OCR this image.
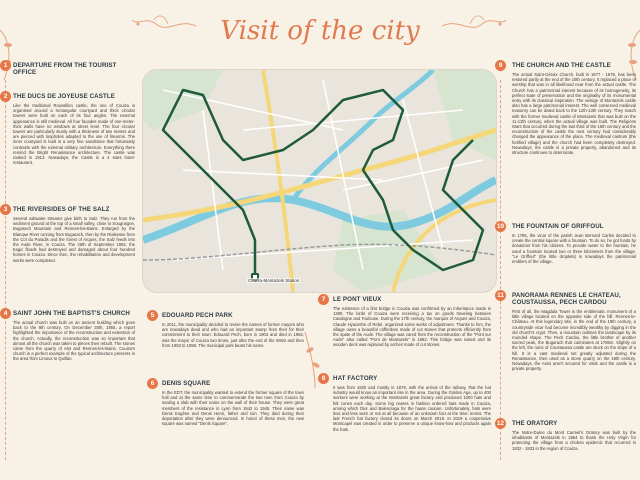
Visit of the city
DEPARTURE FROM THE TOURIST OFFICE
1
THE DUCS DE JOYEUSE CASTLE

Like the traditional Roussillon castle, the one of Couiza is organised around a rectangular courtyard and thick circular towers were built on each of its four angles. The external appearance is still medieval. All four facades made of one-meter-thick walls have no windows at street level. The four circular towers are particularly sturdy with a thickness of two meters and are pierced with loopholes adapted to the use of firearms. The inner courtyard is built in a very fine sandstone that fortunately contrasts with the external military architecture. Everything there remind the Bright Renaissance architecture. The castle was ranked in 1913. Nowadays, the Castle is a 4 stars hotel-restaurant.

2
THE RIVERSIDES OF THE SALZ

Several saltwater streams give birth to Salz. They run from the sediment ground at the top of a small valley, close to Sougraigne, Bugarach Mountain and Rennes-les-Bains. Enlarged by the Blanque River running from Bugarach, then by the Rialsesse from the Col du Paradis and the forest of Arques, the Salz feeds into the Aude River, in Couiza. The 26th of September 1992, the tragic floods had destroyed and damaged about four hundred homes in Couiza. Since then, the rehabilitation and development works were completed.

3
SAINT JOHN THE BAPTIST'S CHURCH

The actual church was built on an ancient building which goes back to the 9th century. On December 30th, 1855, a report highlighted the importance of the reconstruction and extension of the church. Actually, the reconstruction was so important that almost all the church was taken to pieces then rebuilt. The stones came from the quarry of Alet and Rennes-les-Bains. Couiza's church is a perfect example of the typical architecture presents in the area from Limoux to Quillan.

4
Couiza-Montazels Station
EDOUARD PECH PARK

In 2011, the municipality decided to revise the names of former mayors who are nowadays dead and who had an important stamp from their for their commitment to their town: Edouard Pech, born in 1903 and died in 1992, was the mayor of Couiza two times, just after the end of the WW2 and then from 1953 to 1959. The municipal park bears his name.

5
DENIS SQUARE

In the EDT, the municipality wanted to extend the former square of the town hall and at the same time to commemorate the two men from Couiza by sealing a slab with their name on the wall of their house. They were great members of the resistance in Lyon from 1942 to 1945. Their name was Denis Eugène and Denis Henri, father and son. They died during their deportation after they were denounced. In honor of these men, the new square was named "Denis Square".

6
LE PONT VIEUX

The existence of a first bridge in Couiza was confirmed by an inheritance made in 1280. The lords of Couiza were receiving a tax on goods traveling between Catalogne and Toulouse. During the 17th century, the marquis of Arques and Couiza, Claude Hyacinthe of Rebé, organized some works of adjustment. Thanks to him, the village owns a beautiful cofferdam made of cut stones that protects efficiently from the spate of the Aude. The village was cared from the reconstruction of the "Pont sur Aude" also called "Pont de Montazels" in 1682. This bridge was raised and its wooden deck was replaced by arches made of cut stones.

7
HAT FACTORY

It was from 1830 and mostly in 1876, with the arrival of the railway, that the hat industry would know an important rise in the area. During the Golden Age, up to 400 workers were working at the Montazels great factory and produced 1000 hats and felt cones each day. Some big names in fashion ordered hats made in Couiza, among which Dior and Balenciaga for the haute couture. Unfortunately, hats were less and less worn or not at all because of an unknown fact at the time: tennis. The last French hat factory closed its doors on March 2018. In 2019 a cooperative Montcapel was created in order to preserve a unique know-how and products again the hats.

8
THE CHURCH AND THE CASTLE

The actual Saint-Géraix Church, built in 1677 - 1678, has been restored partly at the end of the 19th century. It replaced a place of worship that was in all likelihood near from the actual castle. The Church has a patrimonial interest because of its homogeneity, its perfect state of preservation and the originality of its monumental entry with its classical inspiration. The vestige of Montazels castle also has a large patrimonial interest. The well conserved medieval masonry can be dated back to the 12th-13th century. They match with the former medieval castle of Montazels that was built on the 11-12th century, when the actual village was built. The Religions Wars that occurred during the last third of the 16th century and the reconstruction of the castle the next century had considerably changed the appearance of the place. The medieval castrum (the fortified village) and the church had been completely destroyed. Nowadays, the castle is a private property, abandoned and its structure continues to deteriorate.

9
THE FOUNTAIN OF GRIFFOUL

In 1785, the vicar of the parish Jean Bernard Carles decided to create the central square with a fountain. To do so, he got funds by donations from his citizens. To provide water to the fountain, he used a fountain located two or three kilometers from the village. "Le Griffoul" (the little droplets) is nowadays the patrimonial emblem of the village.

10
PANORAMA RENNES LE CHATEAU, COUSTAUSSA, PECH CARDOU

First of all, the Magdala Tower is the emblematic monument of a little village located on the opposite side of the hill: Rennes-le-Château. At this legendary site, in the end of the 19th century, a countryside vicar had become incredibly wealthy by digging in the old church's crypt. Then, a mountain outlines the landscape by its rounded shape. The Pech Cardou, the little brother of another sacred peak, the Bugarach that culminates at 1786m. Slightly on the left, the ruins of Coustaussa castle are stuck on the slope of a hill. It is a vast medieval set greatly adjusted during the Renaissance, then used as a stone quarry on the 19th century. Nowadays, the ruins aren't secured for visits and the castle is a private property.

11
THE ORATORY

The Notre-Dame du Mont Carmel's Oratory was built by the inhabitants of Montazels in 1854 to thank the Holy Virgin for protecting the village from a cholera epidemic that occurred in 1832 - 1833 in the region of Couiza.

12
